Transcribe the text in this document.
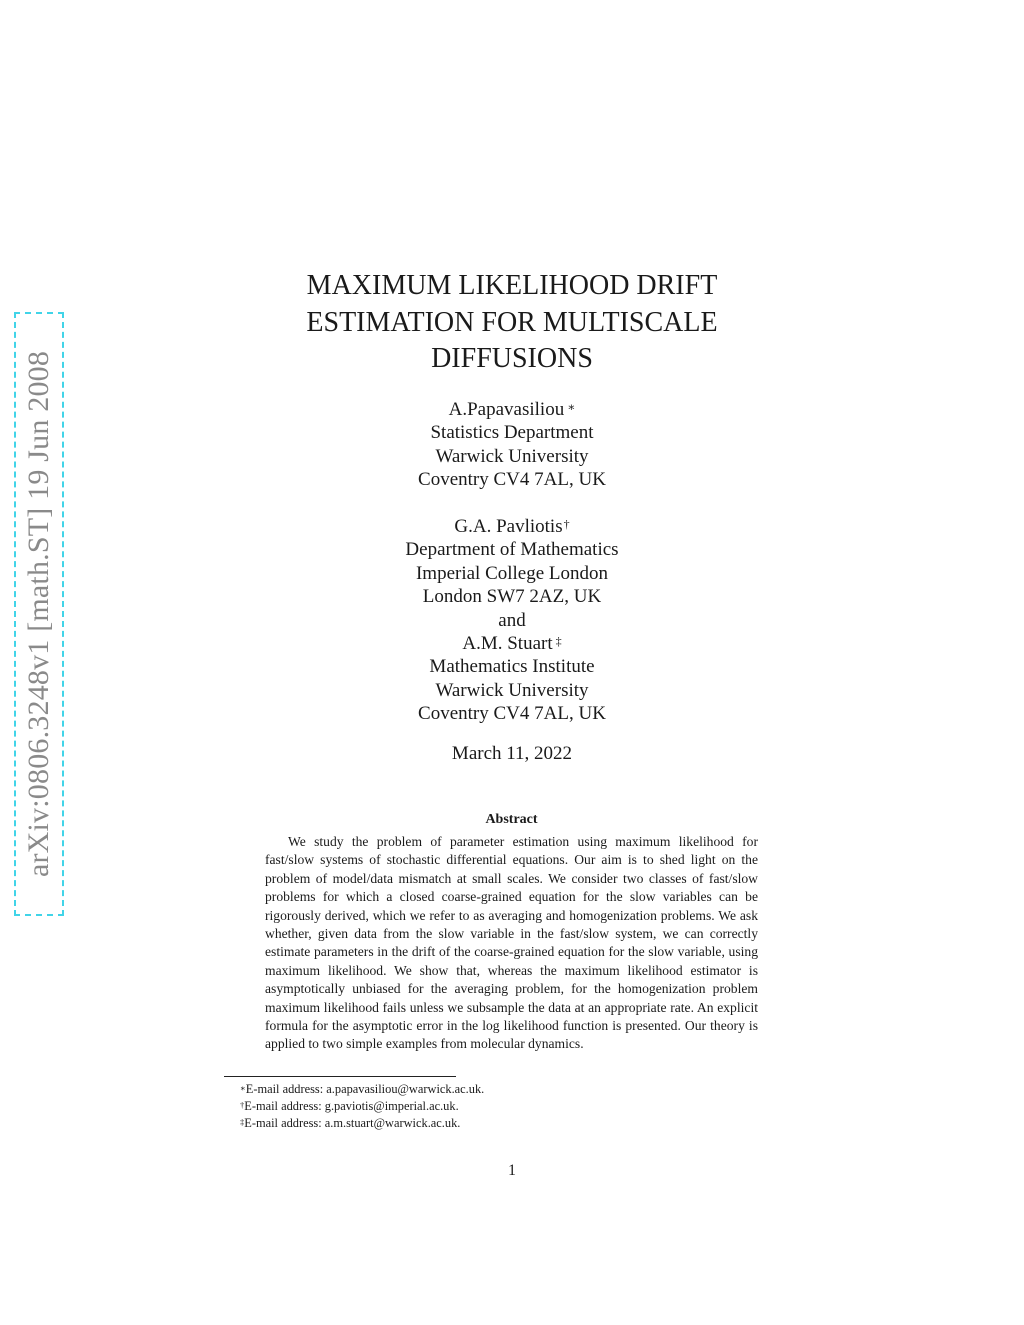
arXiv:0806.3248v1 [math.ST] 19 Jun 2008
MAXIMUM LIKELIHOOD DRIFT
ESTIMATION FOR MULTISCALE
DIFFUSIONS
A.Papavasiliou ∗
Statistics Department
Warwick University
Coventry CV4 7AL, UK
G.A. Pavliotis†
Department of Mathematics
Imperial College London
London SW7 2AZ, UK
and
A.M. Stuart ‡
Mathematics Institute
Warwick University
Coventry CV4 7AL, UK
March 11, 2022
Abstract
We study the problem of parameter estimation using maximum likelihood for fast/slow systems of stochastic differential equations. Our aim is to shed light on the problem of model/data mismatch at small scales. We consider two classes of fast/slow problems for which a closed coarse-grained equation for the slow variables can be rigorously derived, which we refer to as averaging and homogenization problems. We ask whether, given data from the slow variable in the fast/slow system, we can correctly estimate parameters in the drift of the coarse-grained equation for the slow variable, using maximum likelihood. We show that, whereas the maximum likelihood estimator is asymptotically unbiased for the averaging problem, for the homogenization problem maximum likelihood fails unless we subsample the data at an appropriate rate. An explicit formula for the asymptotic error in the log likelihood function is presented. Our theory is applied to two simple examples from molecular dynamics.
∗E-mail address: a.papavasiliou@warwick.ac.uk.
†E-mail address: g.paviotis@imperial.ac.uk.
‡E-mail address: a.m.stuart@warwick.ac.uk.
1
